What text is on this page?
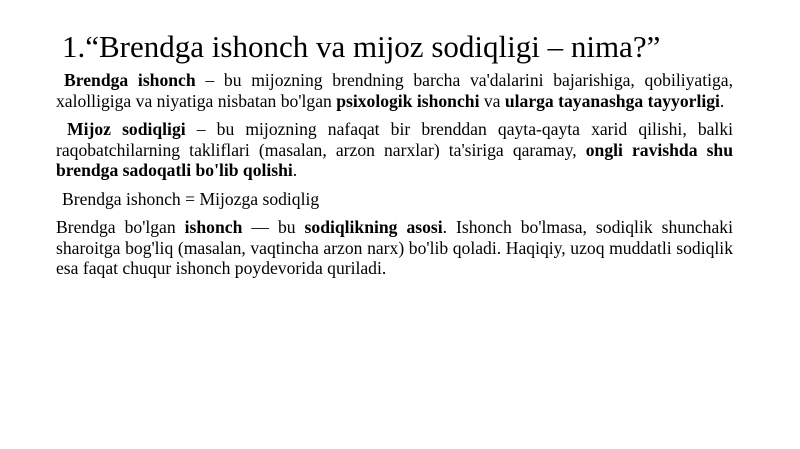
1.“Brendga ishonch va mijoz sodiqligi – nima?”

Brendga ishonch – bu mijozning brendning barcha va'dalarini bajarishiga, qobiliyatiga, xalolligiga va niyatiga nisbatan bo'lgan psixologik ishonchi va ularga tayanashga tayyorligi.

Mijoz sodiqligi – bu mijozning nafaqat bir brenddan qayta-qayta xarid qilishi, balki raqobatchilarning takliflari (masalan, arzon narxlar) ta'siriga qaramay, ongli ravishda shu brendga sadoqatli bo'lib qolishi.

Brendga ishonch = Mijozga sodiqlig

Brendga bo'lgan ishonch — bu sodiqlikning asosi. Ishonch bo'lmasa, sodiqlik shunchaki sharoitga bog'liq (masalan, vaqtincha arzon narx) bo'lib qoladi. Haqiqiy, uzoq muddatli sodiqlik esa faqat chuqur ishonch poydevorida quriladi.
